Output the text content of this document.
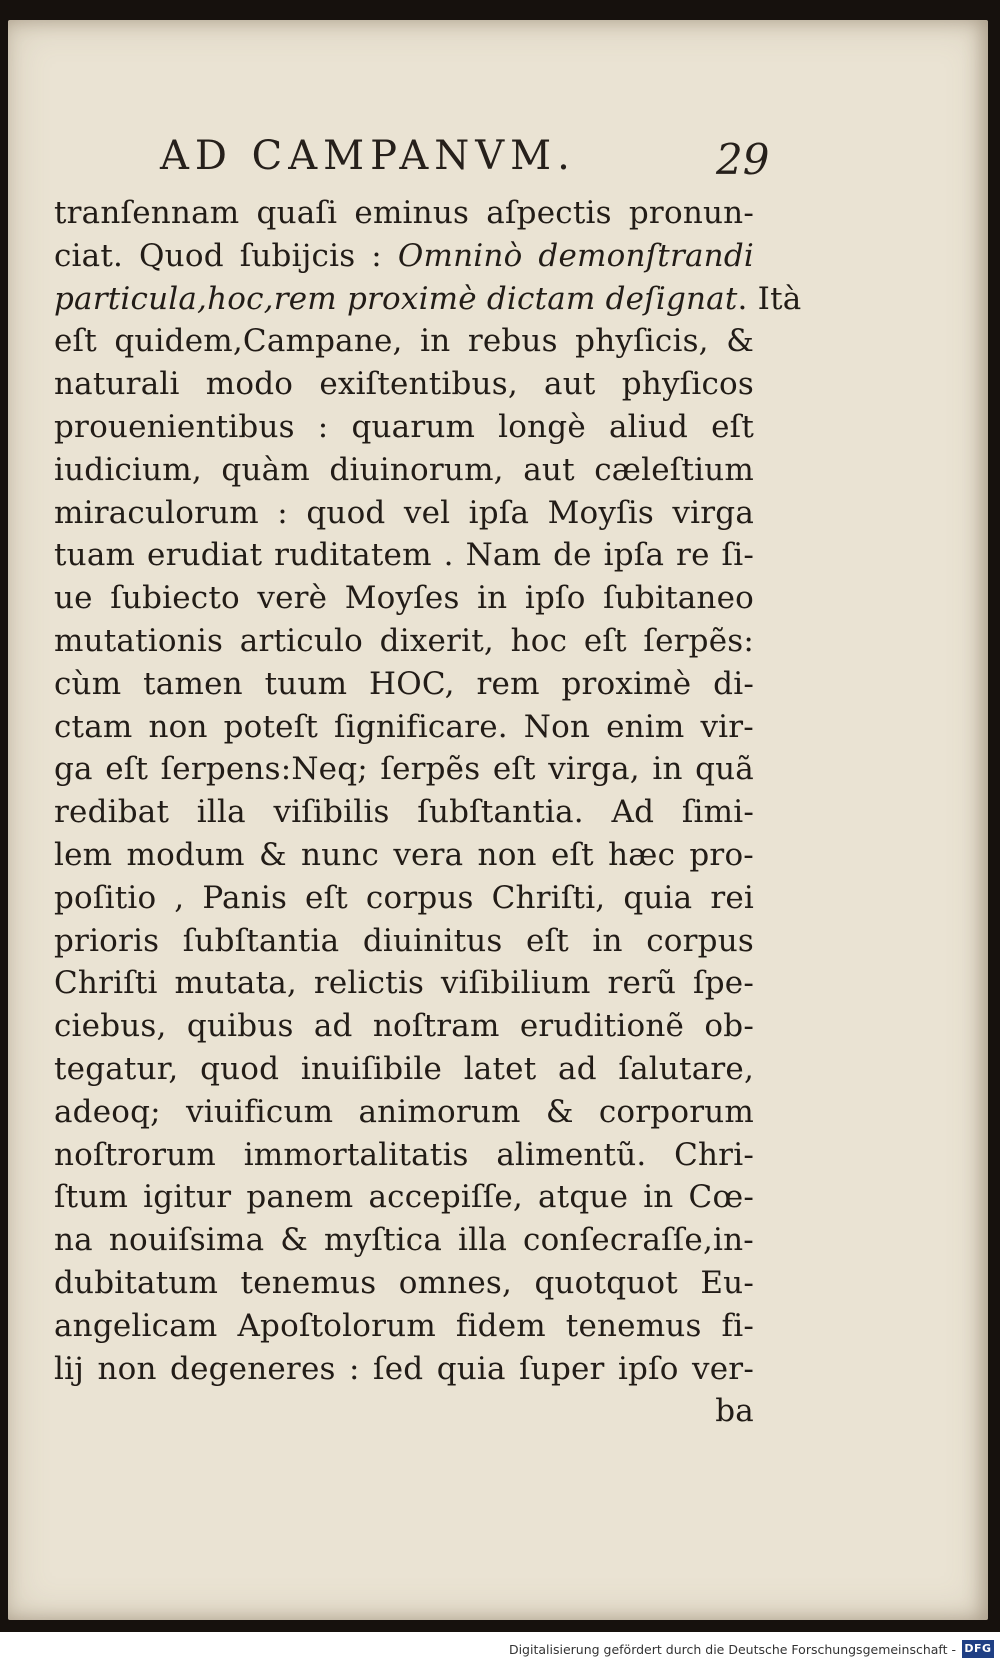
AD CAMPANVM.	29
tranſennam quaſi eminus aſpectis pronun-
ciat. Quod ſubijcis : Omninò demonſtrandi
particula,hoc,rem proximè dictam deſignat. Ità
eſt quidem,Campane, in rebus phyſicis, &
naturali modo exiſtentibus, aut phyſicos
prouenientibus : quarum longè aliud eſt
iudicium, quàm diuinorum, aut cæleſtium
miraculorum : quod vel ipſa Moyſis virga
tuam erudiat ruditatem . Nam de ipſa re ſi-
ue ſubiecto verè Moyſes in ipſo ſubitaneo
mutationis articulo dixerit, hoc eſt ſerpẽs:
cùm tamen tuum HOC, rem proximè di-
ctam non poteſt ſignificare. Non enim vir-
ga eſt ſerpens:Neq; ſerpẽs eſt virga, in quã
redibat illa viſibilis ſubſtantia. Ad ſimi-
lem modum & nunc vera non eſt hæc pro-
poſitio , Panis eſt corpus Chriſti, quia rei
prioris ſubſtantia diuinitus eſt in corpus
Chriſti mutata, relictis viſibilium rerũ ſpe-
ciebus, quibus ad noſtram eruditionẽ ob-
tegatur, quod inuiſibile latet ad ſalutare,
adeoq; viuificum animorum & corporum
noſtrorum immortalitatis alimentũ. Chri-
ſtum igitur panem accepiſſe, atque in Cœ-
na nouiſsima & myſtica illa conſecraſſe,in-
dubitatum tenemus omnes, quotquot Eu-
angelicam Apoſtolorum fidem tenemus fi-
lij non degeneres : ſed quia ſuper ipſo ver-
ba
Digitalisierung gefördert durch die Deutsche Forschungsgemeinschaft - DFG
